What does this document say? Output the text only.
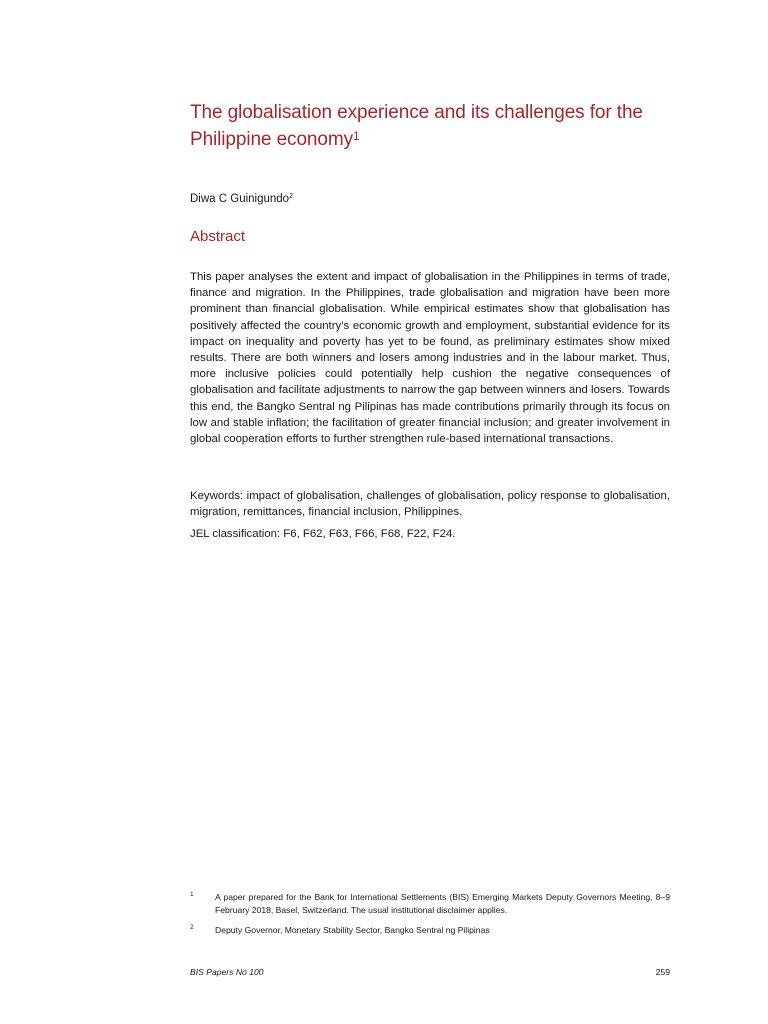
The globalisation experience and its challenges for the Philippine economy$^1$
Diwa C Guinigundo$^2$
Abstract

This paper analyses the extent and impact of globalisation in the Philippines in terms of trade, finance and migration. In the Philippines, trade globalisation and migration have been more prominent than financial globalisation. While empirical estimates show that globalisation has positively affected the country’s economic growth and employment, substantial evidence for its impact on inequality and poverty has yet to be found, as preliminary estimates show mixed results. There are both winners and losers among industries and in the labour market. Thus, more inclusive policies could potentially help cushion the negative consequences of globalisation and facilitate adjustments to narrow the gap between winners and losers. Towards this end, the Bangko Sentral ng Pilipinas has made contributions primarily through its focus on low and stable inflation; the facilitation of greater financial inclusion; and greater involvement in global cooperation efforts to further strengthen rule-based international transactions.

Keywords: impact of globalisation, challenges of globalisation, policy response to globalisation, migration, remittances, financial inclusion, Philippines.

JEL classification: F6, F62, F63, F66, F68, F22, F24.

1 A paper prepared for the Bank for International Settlements (BIS) Emerging Markets Deputy Governors Meeting, 8–9 February 2018, Basel, Switzerland. The usual institutional disclaimer applies.
2 Deputy Governor, Monetary Stability Sector, Bangko Sentral ng Pilipinas
BIS Papers No 100	259
